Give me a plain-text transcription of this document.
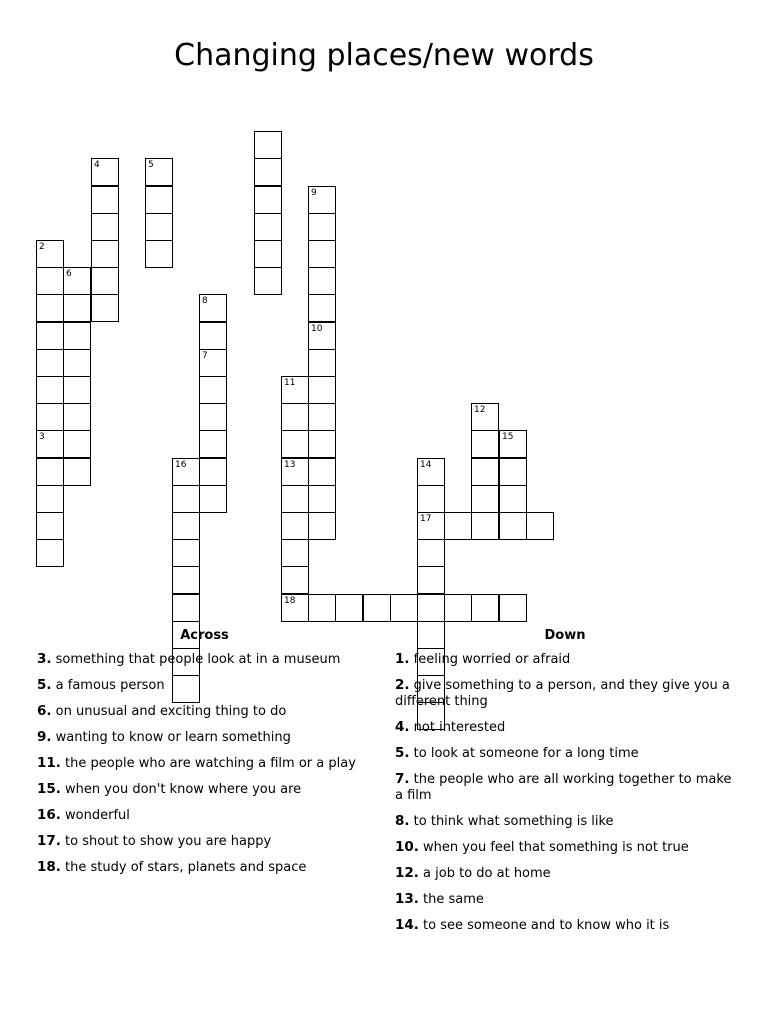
Changing places/new words
2
3
4	5
6
8
7
11
13
9
10
12
15
16
18
14
17
Across
3. something that people look at in a museum
5. a famous person
6. on unusual and exciting thing to do
9. wanting to know or learn something
11. the people who are watching a film or a play
15. when you don't know where you are
16. wonderful
17. to shout to show you are happy
18. the study of stars, planets and space
Down
1. feeling worried or afraid
2. give something to a person, and they give you a different thing
4. not interested
5. to look at someone for a long time
7. the people who are all working together to make a film
8. to think what something is like
10. when you feel that something is not true
12. a job to do at home
13. the same
14. to see someone and to know who it is
